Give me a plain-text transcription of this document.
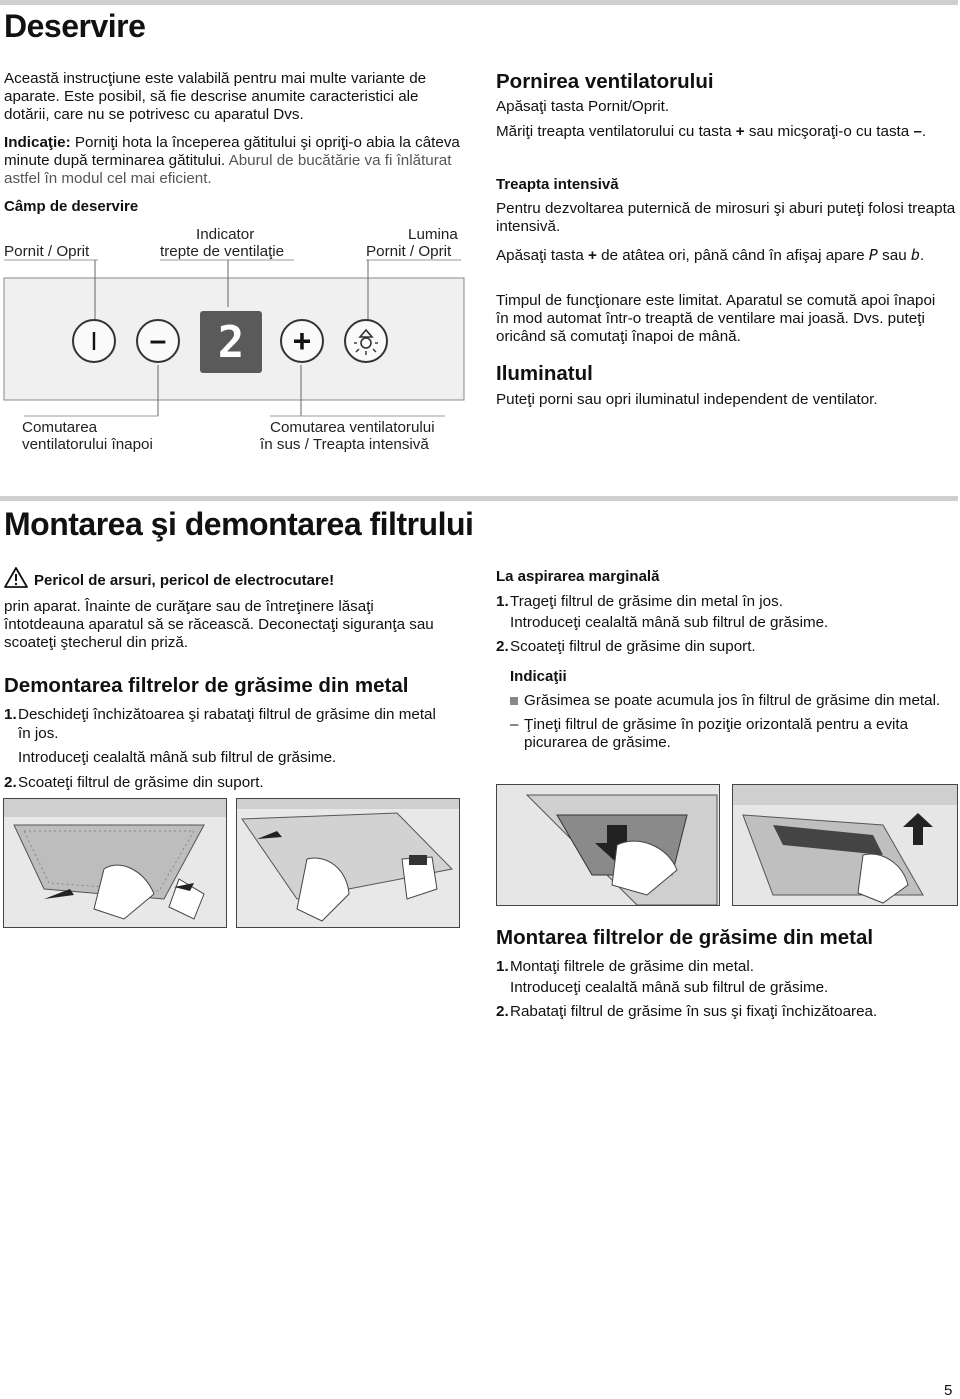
Deservire

Această instrucţiune este valabilă pentru mai multe variante de aparate. Este posibil, să fie descrise anumite caracteristici ale dotării, care nu se potrivesc cu aparatul Dvs.

Indicaţie: Porniţi hota la începerea gătitului şi opriţi-o abia la câteva minute după terminarea gătitului. Aburul de bucătărie va fi înlăturat astfel în modul cel mai eficient.

Câmp de deservire
Pornit / Oprit
Indicator
trepte de ventilaţie
Lumina
Pornit / Oprit
I – 2 +
Comutarea
ventilatorului înapoi
Comutarea ventilatorului
în sus / Treapta intensivă
Pornirea ventilatorului

Apăsaţi tasta Pornit/Oprit.

Măriţi treapta ventilatorului cu tasta + sau micşoraţi-o cu tasta –.

Treapta intensivă

Pentru dezvoltarea puternică de mirosuri şi aburi puteţi folosi treapta intensivă.

Apăsaţi tasta + de atâtea ori, până când în afişaj apare P sau b.

Timpul de funcţionare este limitat. Aparatul se comută apoi înapoi în mod automat într-o treaptă de ventilare mai joasă. Dvs. puteţi oricând să comutaţi înapoi de mână.

Iluminatul

Puteţi porni sau opri iluminatul independent de ventilator.

Montarea şi demontarea filtrului
Pericol de arsuri, pericol de electrocutare!

prin aparat. Înainte de curăţare sau de întreţinere lăsaţi întotdeauna aparatul să se răcească. Deconectaţi siguranţa sau scoateţi ştecherul din priză.

Demontarea filtrelor de grăsime din metal
1. Deschideţi închizătoarea şi rabataţi filtrul de grăsime din metal în jos.
Introduceţi cealaltă mână sub filtrul de grăsime.
2. Scoateţi filtrul de grăsime din suport.
La aspirarea marginală
1. Trageţi filtrul de grăsime din metal în jos.
Introduceţi cealaltă mână sub filtrul de grăsime.
2. Scoateţi filtrul de grăsime din suport.
Indicaţii
Grăsimea se poate acumula jos în filtrul de grăsime din metal.
– Ţineţi filtrul de grăsime în poziţie orizontală pentru a evita picurarea de grăsime.
Montarea filtrelor de grăsime din metal
1. Montaţi filtrele de grăsime din metal.
Introduceţi cealaltă mână sub filtrul de grăsime.
2. Rabataţi filtrul de grăsime în sus şi fixaţi închizătoarea.
5
